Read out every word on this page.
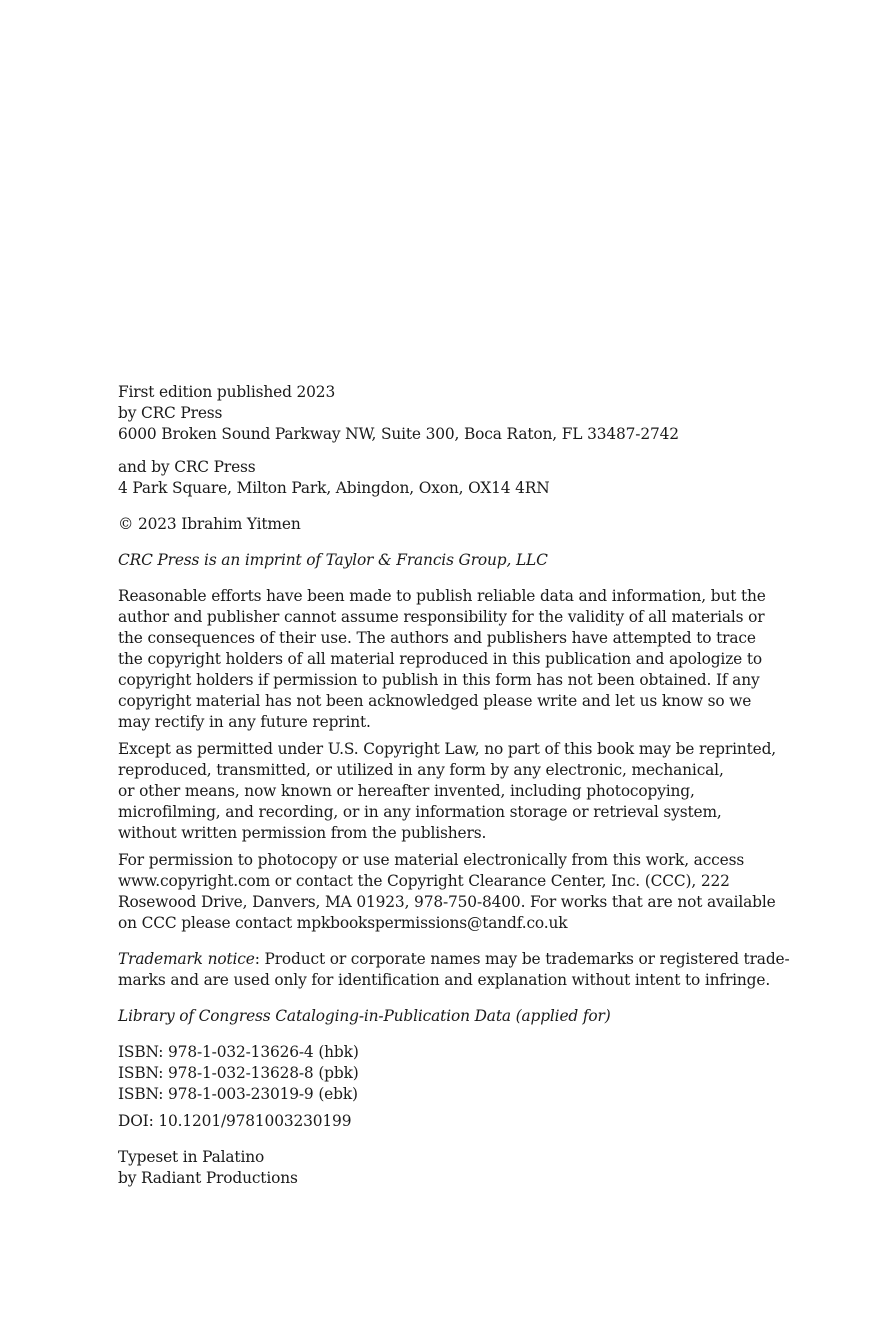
First edition published 2023
by CRC Press
6000 Broken Sound Parkway NW, Suite 300, Boca Raton, FL 33487-2742
and by CRC Press
4 Park Square, Milton Park, Abingdon, Oxon, OX14 4RN
© 2023 Ibrahim Yitmen
CRC Press is an imprint of Taylor & Francis Group, LLC
Reasonable efforts have been made to publish reliable data and information, but the
author and publisher cannot assume responsibility for the validity of all materials or
the consequences of their use. The authors and publishers have attempted to trace
the copyright holders of all material reproduced in this publication and apologize to
copyright holders if permission to publish in this form has not been obtained. If any
copyright material has not been acknowledged please write and let us know so we
may rectify in any future reprint.
Except as permitted under U.S. Copyright Law, no part of this book may be reprinted,
reproduced, transmitted, or utilized in any form by any electronic, mechanical,
or other means, now known or hereafter invented, including photocopying,
microfilming, and recording, or in any information storage or retrieval system,
without written permission from the publishers.
For permission to photocopy or use material electronically from this work, access
www.copyright.com or contact the Copyright Clearance Center, Inc. (CCC), 222
Rosewood Drive, Danvers, MA 01923, 978-750-8400. For works that are not available
on CCC please contact mpkbookspermissions@tandf.co.uk
Trademark notice: Product or corporate names may be trademarks or registered trade-
marks and are used only for identification and explanation without intent to infringe.
Library of Congress Cataloging-in-Publication Data (applied for)
ISBN: 978-1-032-13626-4 (hbk)
ISBN: 978-1-032-13628-8 (pbk)
ISBN: 978-1-003-23019-9 (ebk)
DOI: 10.1201/9781003230199
Typeset in Palatino
by Radiant Productions
